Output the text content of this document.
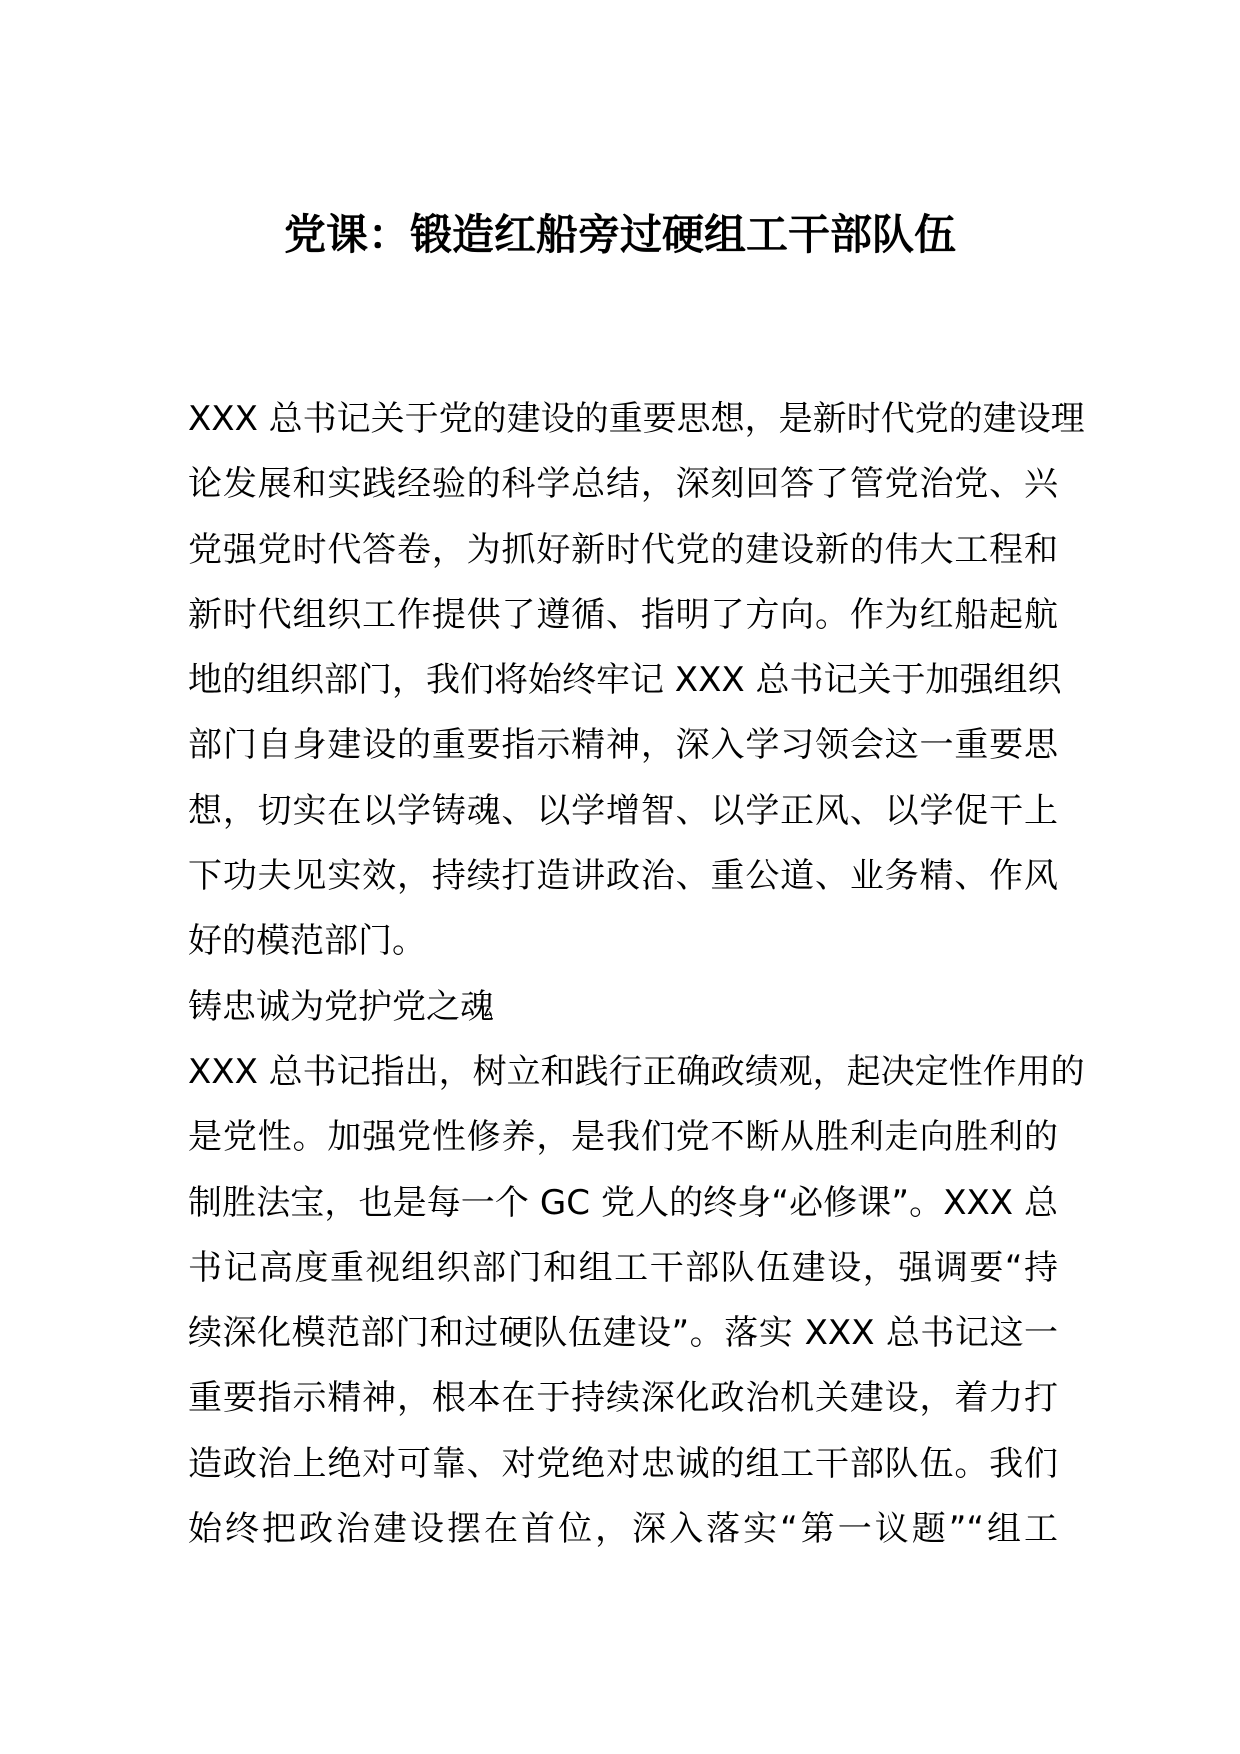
党课：锻造红船旁过硬组工干部队伍
XXX 总书记关于党的建设的重要思想，是新时代党的建设理
论发展和实践经验的科学总结，深刻回答了管党治党、兴
党强党时代答卷，为抓好新时代党的建设新的伟大工程和
新时代组织工作提供了遵循、指明了方向。作为红船起航
地的组织部门，我们将始终牢记 XXX 总书记关于加强组织
部门自身建设的重要指示精神，深入学习领会这一重要思
想，切实在以学铸魂、以学增智、以学正风、以学促干上
下功夫见实效，持续打造讲政治、重公道、业务精、作风
好的模范部门。
铸忠诚为党护党之魂
XXX 总书记指出，树立和践行正确政绩观，起决定性作用的
是党性。加强党性修养，是我们党不断从胜利走向胜利的
制胜法宝，也是每一个 GC 党人的终身“必修课”。XXX 总
书记高度重视组织部门和组工干部队伍建设，强调要“持
续深化模范部门和过硬队伍建设”。落实 XXX 总书记这一
重要指示精神，根本在于持续深化政治机关建设，着力打
造政治上绝对可靠、对党绝对忠诚的组工干部队伍。我们
始终把政治建设摆在首位，深入落实“第一议题”“组工
